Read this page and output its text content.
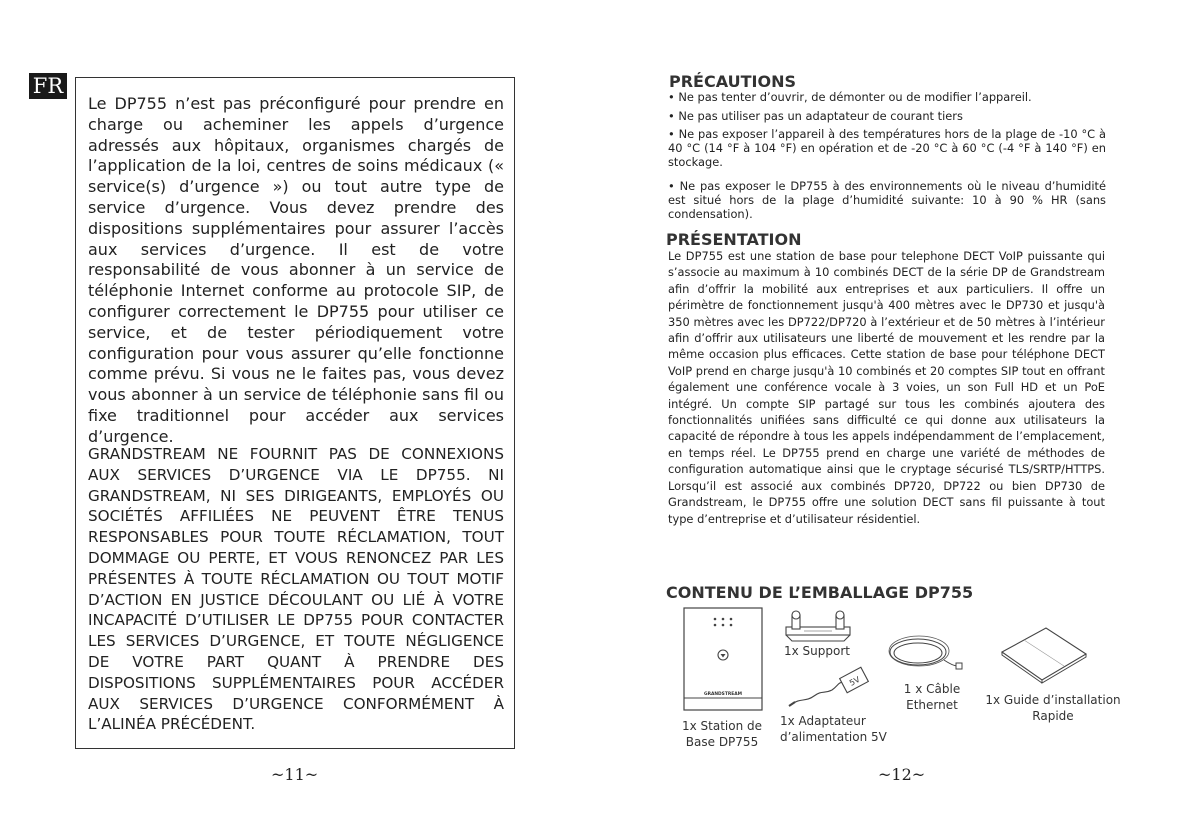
FR

Le DP755 n’est pas préconfiguré pour prendre en charge ou acheminer les appels d’urgence adressés aux hôpitaux, organismes chargés de l’application de la loi, centres de soins médicaux (« service(s) d’urgence ») ou tout autre type de service d’urgence. Vous devez prendre des dispositions supplémentaires pour assurer l’accès aux services d’urgence. Il est de votre responsabilité de vous abonner à un service de téléphonie Internet conforme au protocole SIP, de configurer correctement le DP755 pour utiliser ce service, et de tester périodiquement votre configuration pour vous assurer qu’elle fonctionne comme prévu. Si vous ne le faites pas, vous devez vous abonner à un service de téléphonie sans fil ou fixe traditionnel pour accéder aux services d’urgence.

GRANDSTREAM NE FOURNIT PAS DE CONNEXIONS AUX SERVICES D’URGENCE VIA LE DP755. NI GRANDSTREAM, NI SES DIRIGEANTS, EMPLOYÉS OU SOCIÉTÉS AFFILIÉES NE PEUVENT ÊTRE TENUS RESPONSABLES POUR TOUTE RÉCLAMATION, TOUT DOMMAGE OU PERTE, ET VOUS RENONCEZ PAR LES PRÉSENTES À TOUTE RÉCLAMATION OU TOUT MOTIF D’ACTION EN JUSTICE DÉCOULANT OU LIÉ À VOTRE INCAPACITÉ D’UTILISER LE DP755 POUR CONTACTER LES SERVICES D’URGENCE, ET TOUTE NÉGLIGENCE DE VOTRE PART QUANT À PRENDRE DES DISPOSITIONS SUPPLÉMENTAIRES POUR ACCÉDER AUX SERVICES D’URGENCE CONFORMÉMENT À L’ALINÉA PRÉCÉDENT.

~11~
PRÉCAUTIONS

• Ne pas tenter d’ouvrir, de démonter ou de modifier l’appareil.

• Ne pas utiliser pas un adaptateur de courant tiers

• Ne pas exposer l’appareil à des températures hors de la plage de -10 °C à 40 °C (14 °F à 104 °F) en opération et de -20 °C à 60 °C (-4 °F à 140 °F) en stockage.

• Ne pas exposer le DP755 à des environnements où le niveau d’humidité est situé hors de la plage d’humidité suivante: 10 à 90 % HR (sans condensation).

PRÉSENTATION

Le DP755 est une station de base pour telephone DECT VoIP puissante qui s’associe au maximum à 10 combinés DECT de la série DP de Grandstream afin d’offrir la mobilité aux entreprises et aux particuliers. Il offre un périmètre de fonctionnement jusqu'à 400 mètres avec le DP730 et jusqu'à 350 mètres avec les DP722/DP720 à l’extérieur et de 50 mètres à l’intérieur afin d’offrir aux utilisateurs une liberté de mouvement et les rendre par la même occasion plus efficaces. Cette station de base pour téléphone DECT VoIP prend en charge jusqu'à 10 combinés et 20 comptes SIP tout en offrant également une conférence vocale à 3 voies, un son Full HD et un PoE intégré. Un compte SIP partagé sur tous les combinés ajoutera des fonctionnalités unifiées sans difficulté ce qui donne aux utilisateurs la capacité de répondre à tous les appels indépendamment de l’emplacement, en temps réel. Le DP755 prend en charge une variété de méthodes de configuration automatique ainsi que le cryptage sécurisé TLS/SRTP/HTTPS. Lorsqu’il est associé aux combinés DP720, DP722 ou bien DP730 de Grandstream, le DP755 offre une solution DECT sans fil puissante à tout type d’entreprise et d’utilisateur résidentiel.

CONTENU DE L’EMBALLAGE DP755
GRANDSTREAM
1x Station de
Base DP755
1x Support
5V
1x Adaptateur
d’alimentation 5V
1 x Câble
Ethernet	1x Guide d’installation
Rapide
~12~
